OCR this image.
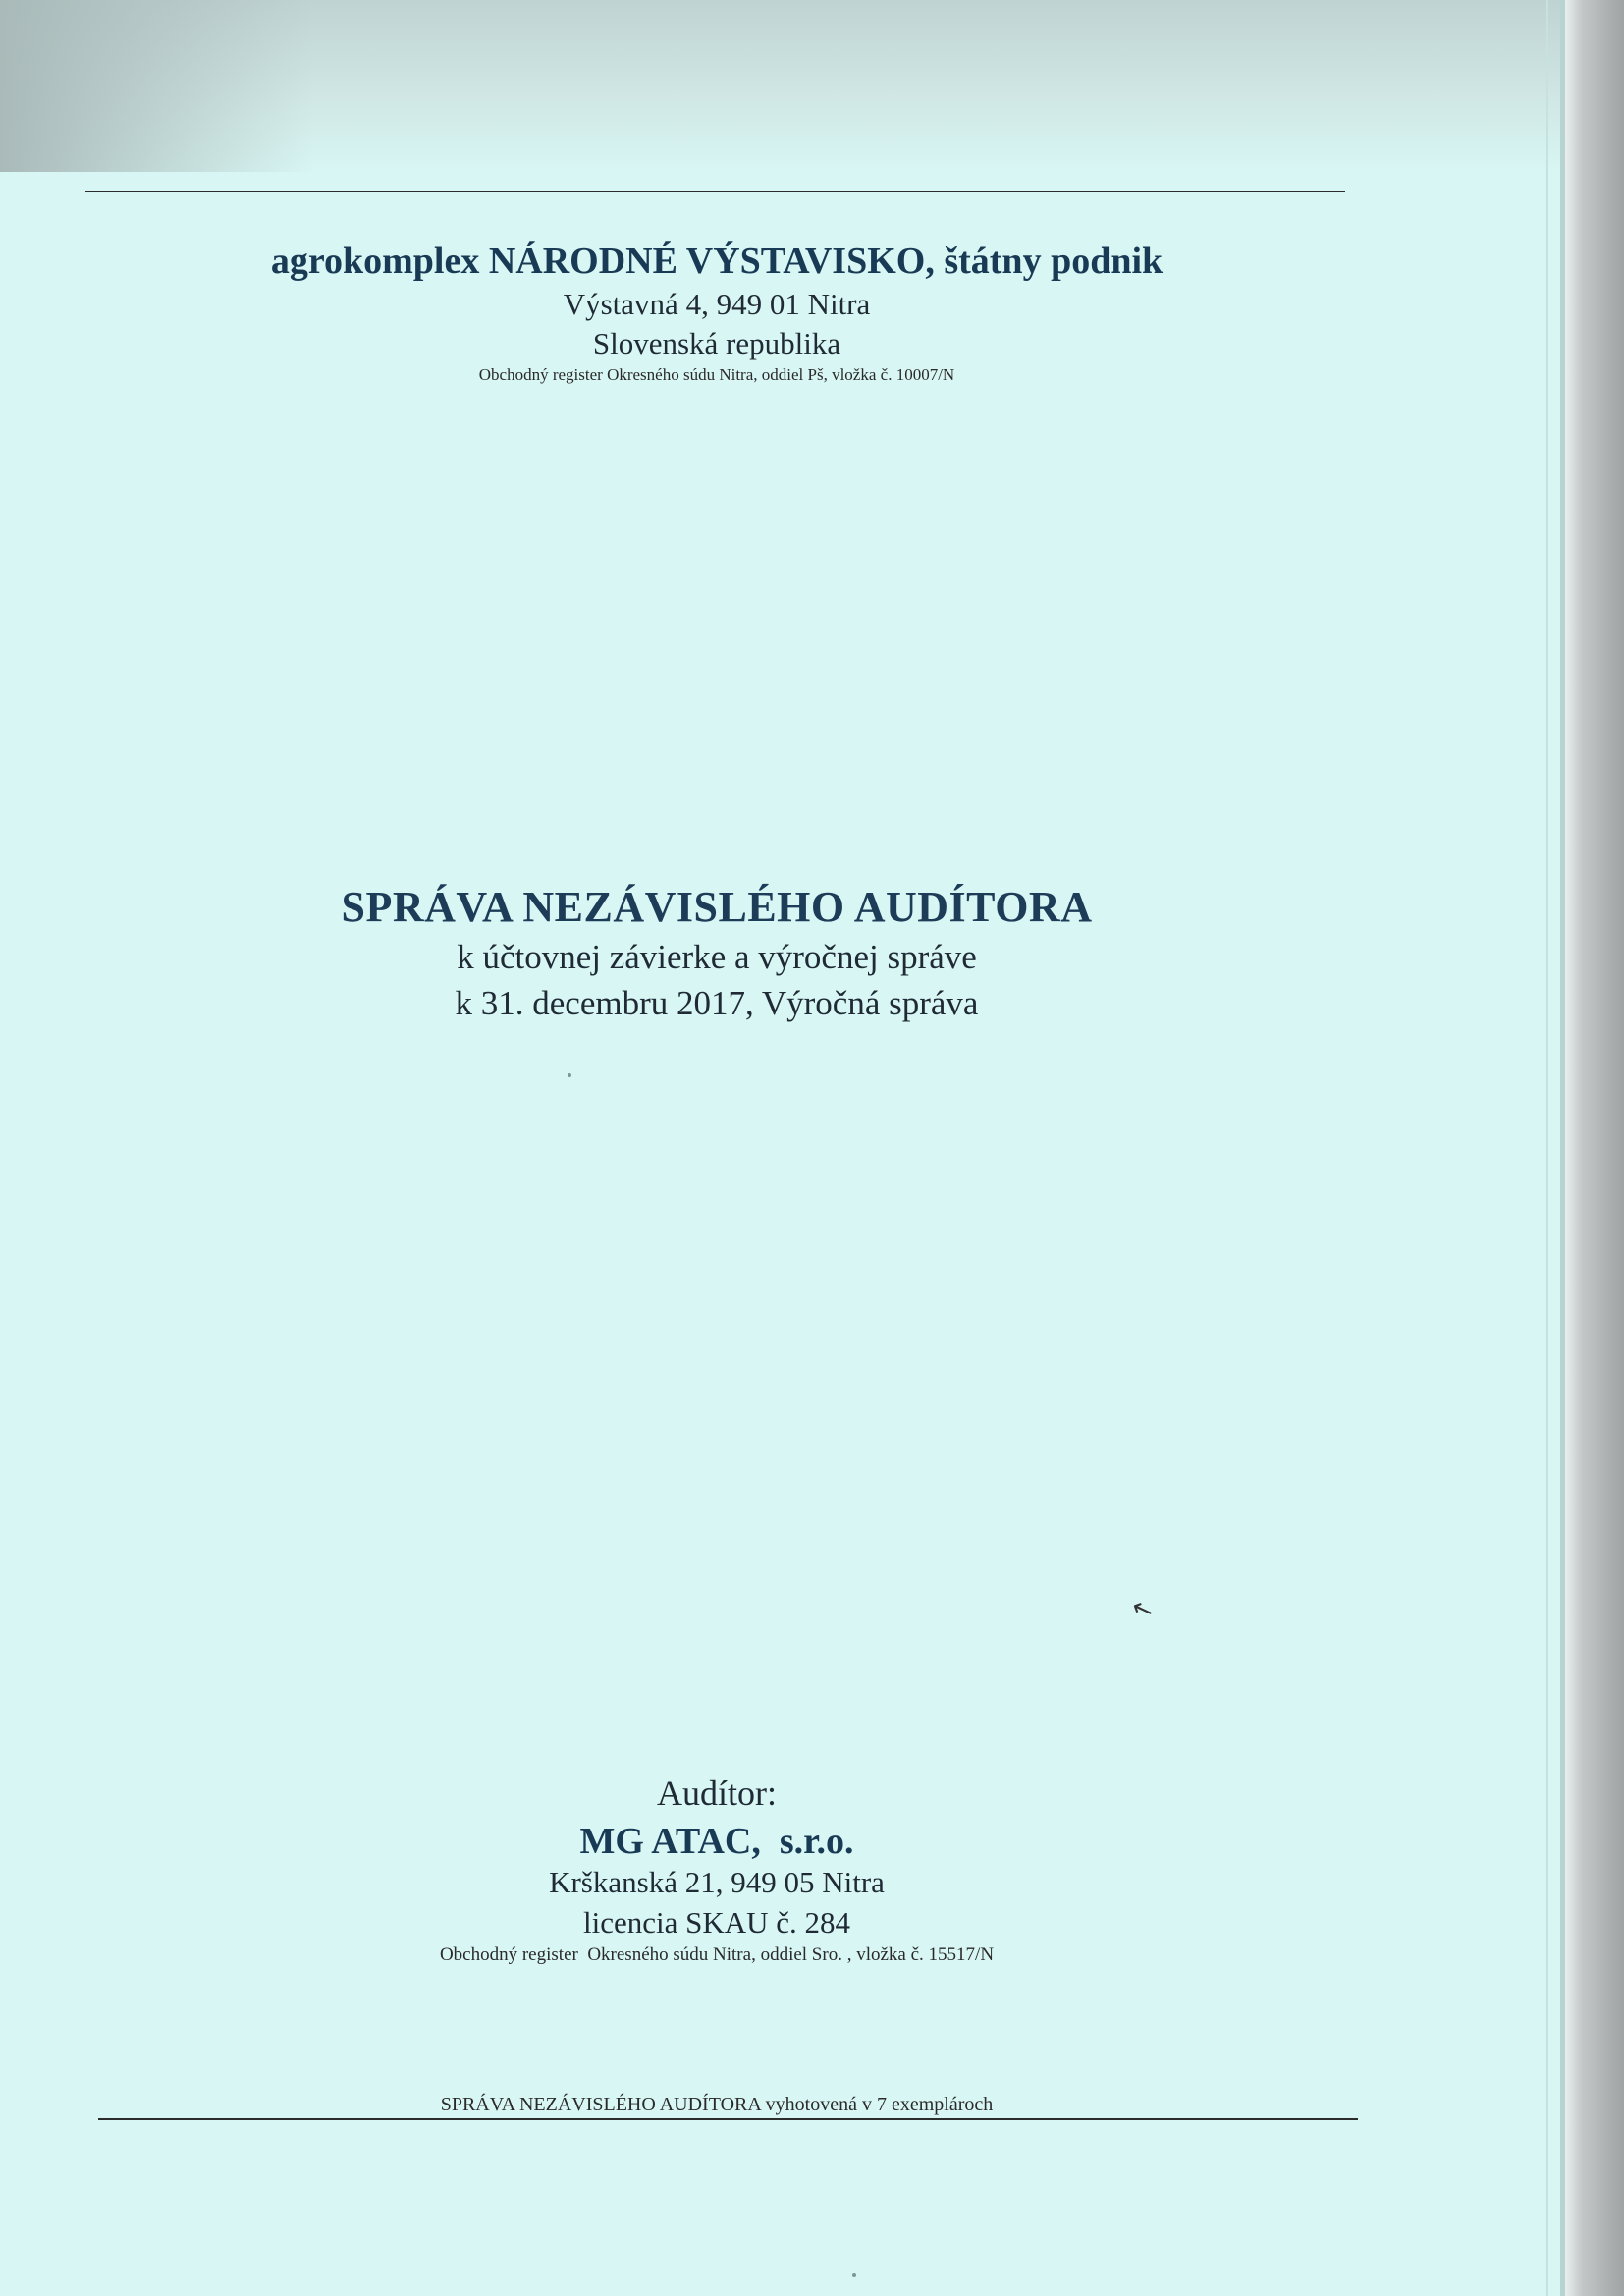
agrokomplex NÁRODNÉ VÝSTAVISKO, štátny podnik
Výstavná 4, 949 01 Nitra
Slovenská republika
Obchodný register Okresného súdu Nitra, oddiel Pš, vložka č. 10007/N
SPRÁVA NEZÁVISLÉHO AUDÍTORA
k účtovnej závierke a výročnej správe
k 31. decembru 2017, Výročná správa
↖
Audítor:
MG ATAC,  s.r.o.
Krškanská 21, 949 05 Nitra
licencia SKAU č. 284
Obchodný register  Okresného súdu Nitra, oddiel Sro. , vložka č. 15517/N
SPRÁVA NEZÁVISLÉHO AUDÍTORA vyhotovená v 7 exemplároch
